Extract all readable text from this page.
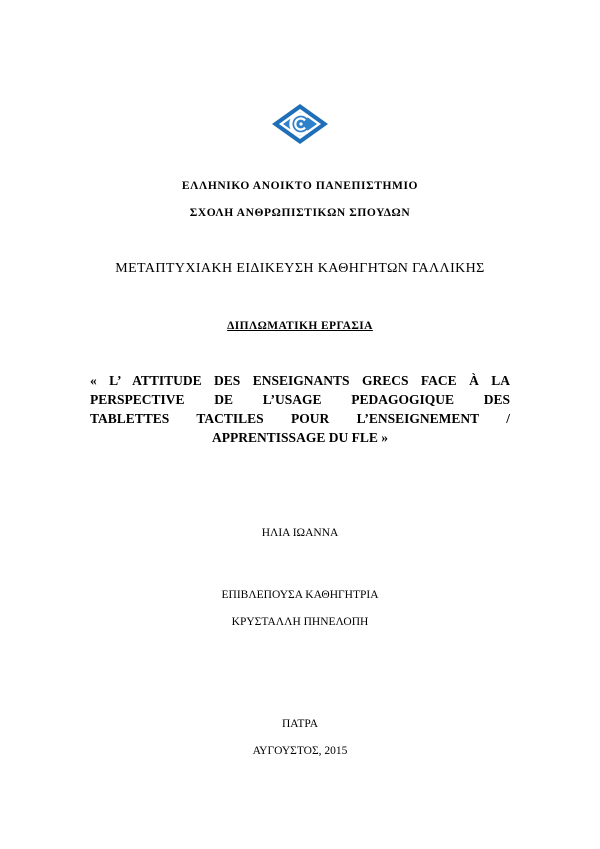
ΕΛΛΗΝΙΚΟ ΑΝΟΙΚΤΟ ΠΑΝΕΠΙΣΤΗΜΙΟ
ΣΧΟΛΗ ΑΝΘΡΩΠΙΣΤΙΚΩΝ ΣΠΟΥΔΩΝ
ΜΕΤΑΠΤΥΧΙΑΚΗ ΕΙΔΙΚΕΥΣΗ ΚΑΘΗΓΗΤΩΝ ΓΑΛΛΙΚΗΣ
ΔΙΠΛΩΜΑΤΙΚΗ ΕΡΓΑΣΙΑ
« L’ ATTITUDE DES ENSEIGNANTS GRECS FACE À LA
PERSPECTIVE DE L’USAGE PEDAGOGIQUE DES
TABLETTES TACTILES POUR L’ENSEIGNEMENT /
APPRENTISSAGE DU FLE »
ΗΛΙΑ ΙΩΑΝΝΑ
ΕΠΙΒΛΕΠΟΥΣΑ ΚΑΘΗΓΗΤΡΙΑ
ΚΡΥΣΤΑΛΛΗ ΠΗΝΕΛΟΠΗ
ΠΑΤΡΑ
ΑΥΓΟΥΣΤΟΣ, 2015
